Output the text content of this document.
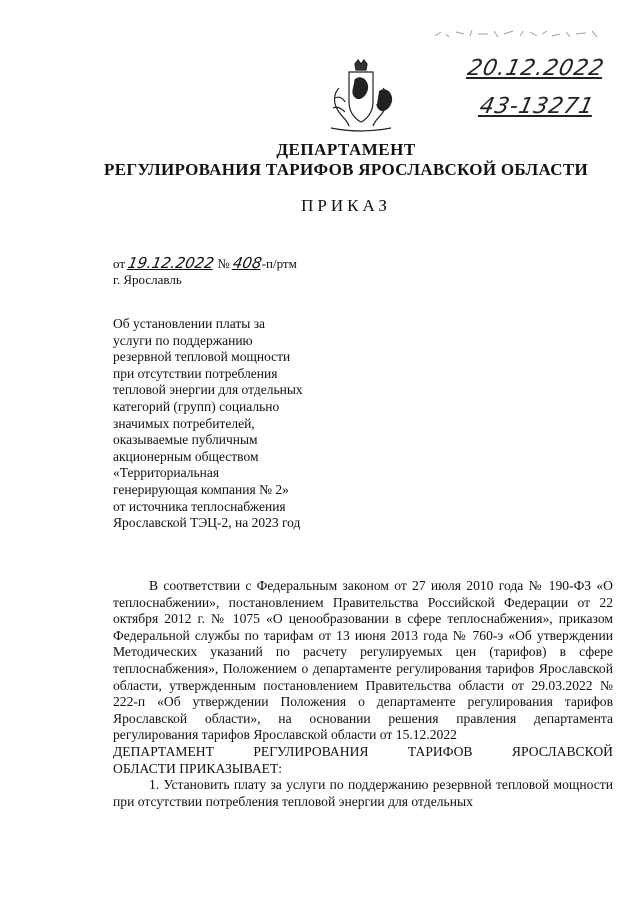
20.12.2022
43-13271
ДЕПАРТАМЕНТ
РЕГУЛИРОВАНИЯ ТАРИФОВ ЯРОСЛАВСКОЙ ОБЛАСТИ
ПРИКАЗ
от 19.12.2022 № 408-п/ртм
г. Ярославль
Об установлении платы за
услуги по поддержанию
резервной тепловой мощности
при отсутствии потребления
тепловой энергии для отдельных
категорий (групп) социально
значимых потребителей,
оказываемые публичным
акционерным обществом
«Территориальная
генерирующая компания № 2»
от источника теплоснабжения
Ярославской ТЭЦ-2, на 2023 год

В соответствии с Федеральным законом от 27 июля 2010 года № 190-ФЗ «О теплоснабжении», постановлением Правительства Российской Федерации от 22 октября 2012 г. № 1075 «О ценообразовании в сфере теплоснабжения», приказом Федеральной службы по тарифам от 13 июня 2013 года № 760-э «Об утверждении Методических указаний по расчету регулируемых цен (тарифов) в сфере теплоснабжения», Положением о департаменте регулирования тарифов Ярославской области, утвержденным постановлением Правительства области от 29.03.2022 № 222-п «Об утверждении Положения о департаменте регулирования тарифов Ярославской области», на основании решения правления департамента регулирования тарифов Ярославской области от 15.12.2022

ДЕПАРТАМЕНТ	РЕГУЛИРОВАНИЯ	ТАРИФОВ	ЯРОСЛАВСКОЙ

ОБЛАСТИ ПРИКАЗЫВАЕТ:

1. Установить плату за услуги по поддержанию резервной тепловой мощности при отсутствии потребления тепловой энергии для отдельных
